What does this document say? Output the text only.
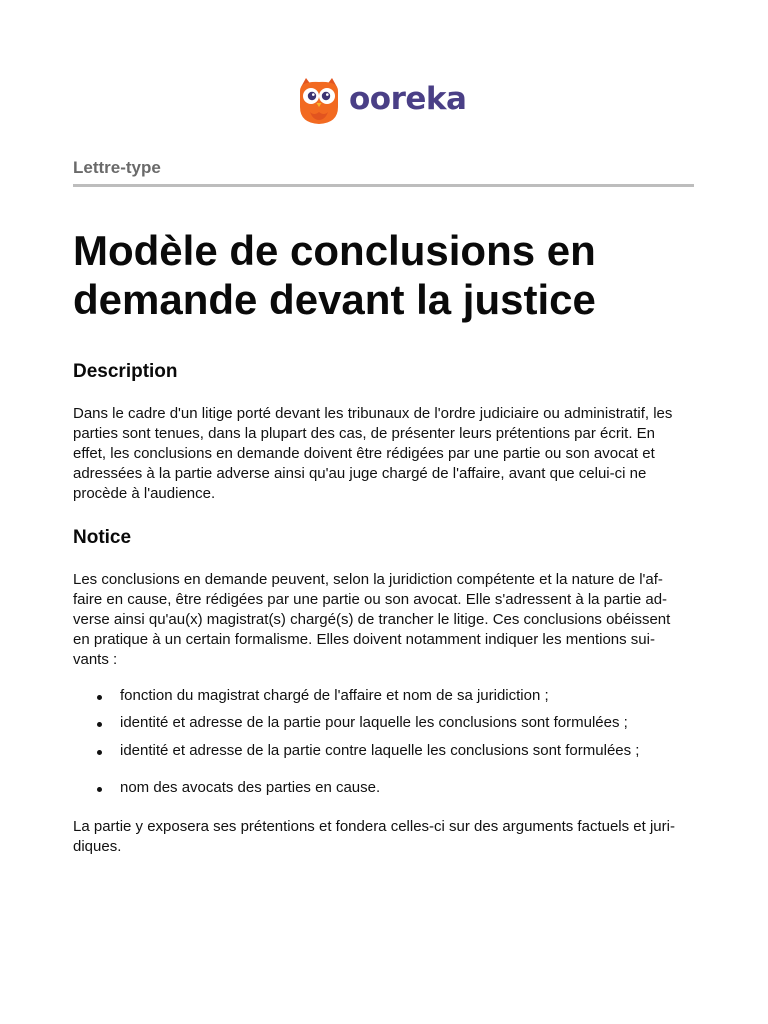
ooreka
Lettre-type
Modèle de conclusions en
demande devant la justice
Description

Dans le cadre d'un litige porté devant les tribunaux de l'ordre judiciaire ou administratif, les
parties sont tenues, dans la plupart des cas, de présenter leurs prétentions par écrit. En
effet, les conclusions en demande doivent être rédigées par une partie ou son avocat et
adressées à la partie adverse ainsi qu'au juge chargé de l'affaire, avant que celui-ci ne
procède à l'audience.

Notice

Les conclusions en demande peuvent, selon la juridiction compétente et la nature de l'af-
faire en cause, être rédigées par une partie ou son avocat. Elle s'adressent à la partie ad-
verse ainsi qu'au(x) magistrat(s) chargé(s) de trancher le litige. Ces conclusions obéissent
en pratique à un certain formalisme. Elles doivent notamment indiquer les mentions sui-
vants :

fonction du magistrat chargé de l'affaire et nom de sa juridiction ;
identité et adresse de la partie pour laquelle les conclusions sont formulées ;
identité et adresse de la partie contre laquelle les conclusions sont formulées ;
nom des avocats des parties en cause.

La partie y exposera ses prétentions et fondera celles-ci sur des arguments factuels et juri-
diques.
